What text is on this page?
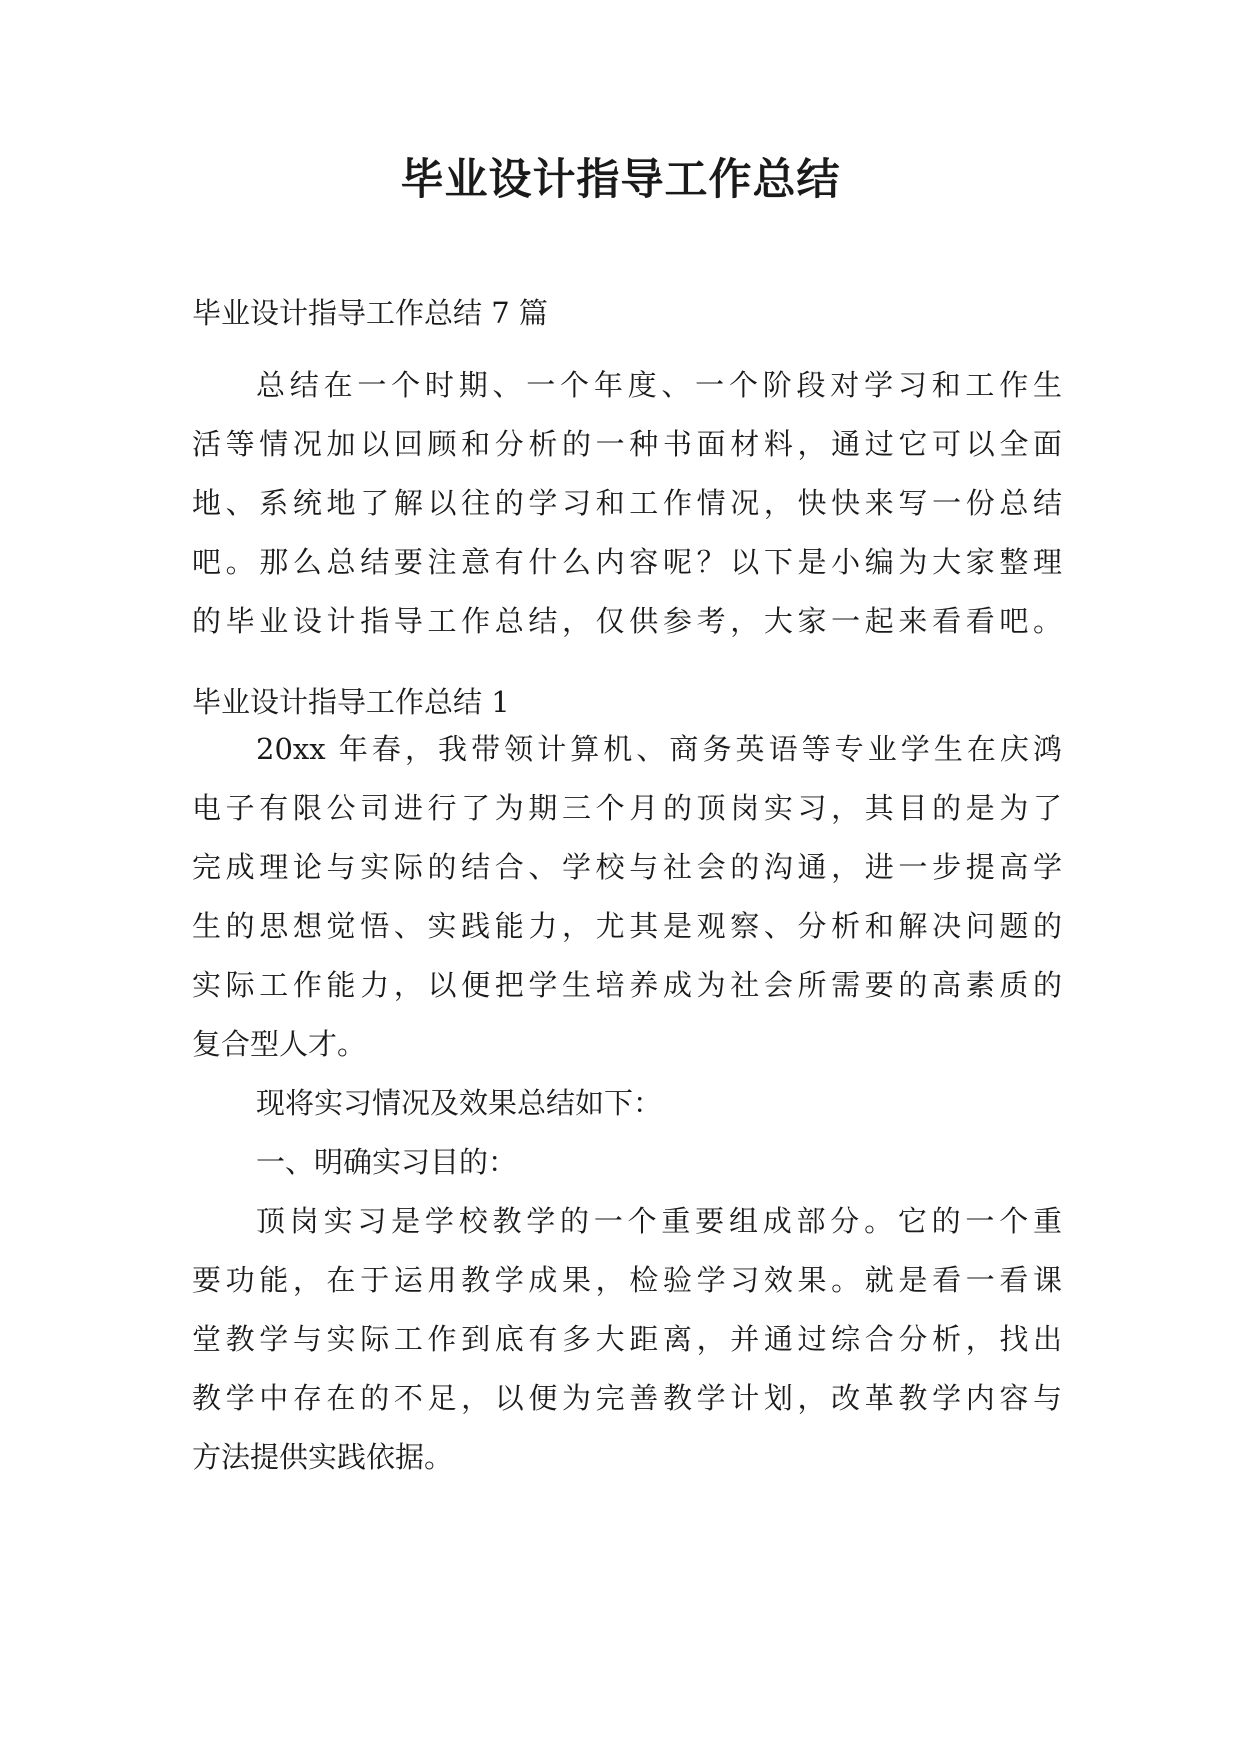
毕业设计指导工作总结

毕业设计指导工作总结 7 篇

总结在一个时期、一个年度、一个阶段对学习和工作生
活等情况加以回顾和分析的一种书面材料，通过它可以全面
地、系统地了解以往的学习和工作情况，快快来写一份总结
吧。那么总结要注意有什么内容呢？以下是小编为大家整理
的毕业设计指导工作总结，仅供参考，大家一起来看看吧。

毕业设计指导工作总结 1

20xx 年春，我带领计算机、商务英语等专业学生在庆鸿
电子有限公司进行了为期三个月的顶岗实习，其目的是为了
完成理论与实际的结合、学校与社会的沟通，进一步提高学
生的思想觉悟、实践能力，尤其是观察、分析和解决问题的
实际工作能力，以便把学生培养成为社会所需要的高素质的
复合型人才。
现将实习情况及效果总结如下：
一、明确实习目的：
顶岗实习是学校教学的一个重要组成部分。它的一个重
要功能，在于运用教学成果，检验学习效果。就是看一看课
堂教学与实际工作到底有多大距离，并通过综合分析，找出
教学中存在的不足，以便为完善教学计划，改革教学内容与
方法提供实践依据。
